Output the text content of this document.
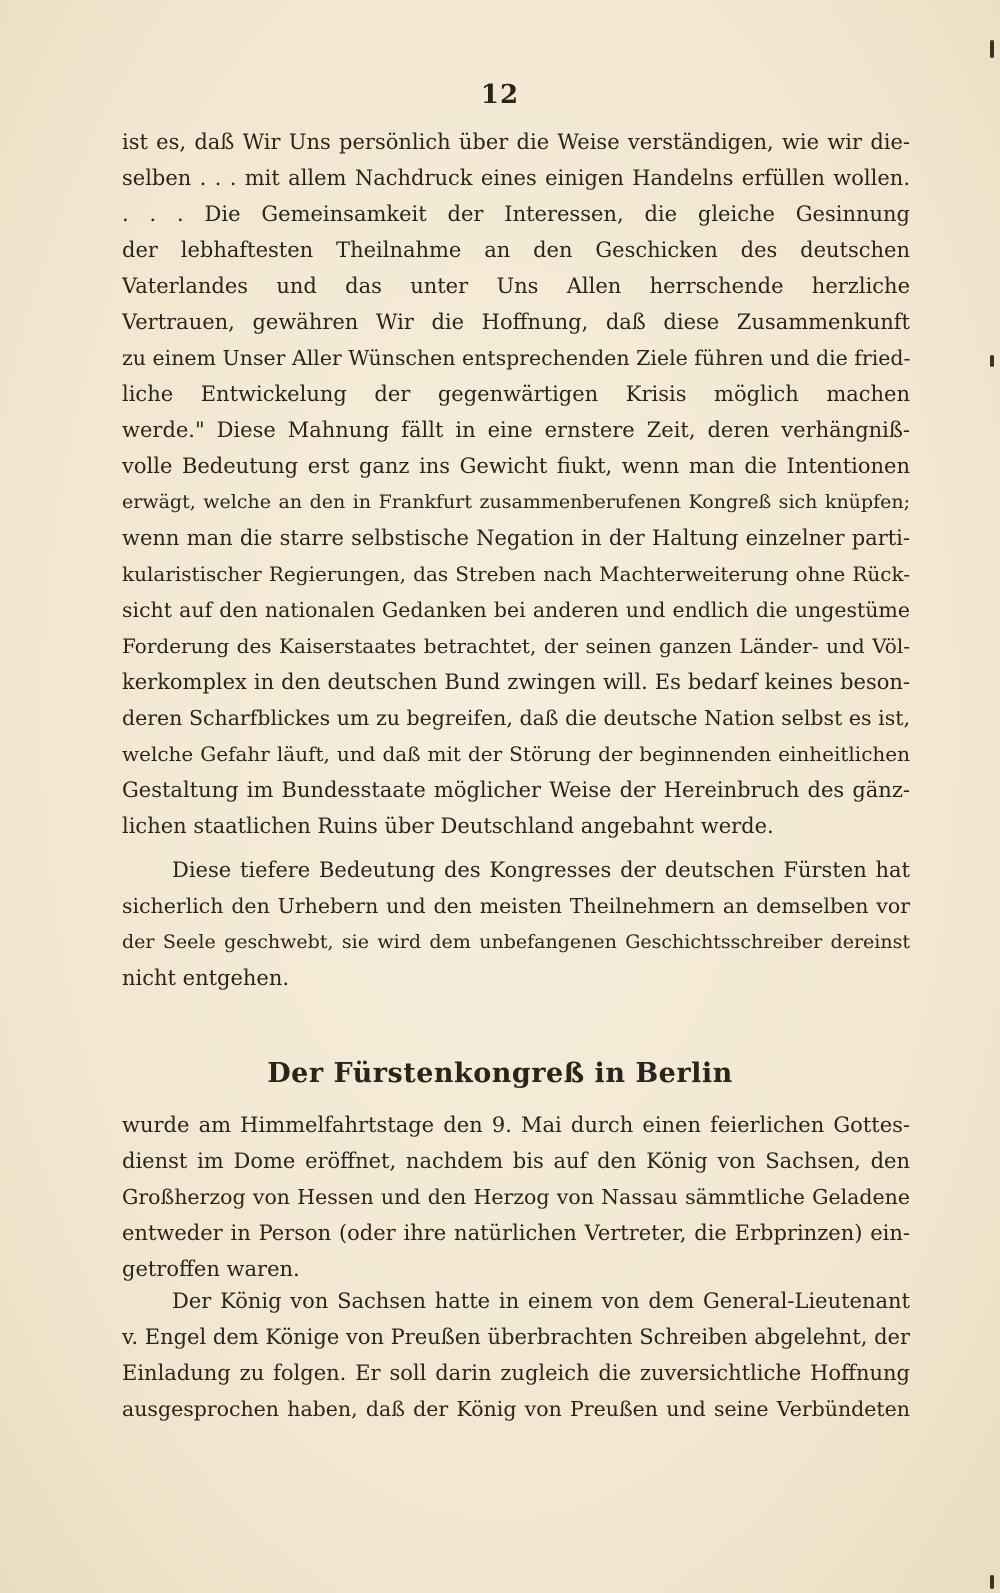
12
ist es, daß Wir Uns persönlich über die Weise verständigen, wie wir die-
selben . . . mit allem Nachdruck eines einigen Handelns erfüllen wollen.
. . . Die Gemeinsamkeit der Interessen, die gleiche Gesinnung
der lebhaftesten Theilnahme an den Geschicken des deutschen
Vaterlandes und das unter Uns Allen herrschende herzliche
Vertrauen, gewähren Wir die Hoffnung, daß diese Zusammenkunft
zu einem Unser Aller Wünschen entsprechenden Ziele führen und die fried-
liche Entwickelung der gegenwärtigen Krisis möglich machen
werde." Diese Mahnung fällt in eine ernstere Zeit, deren verhängniß-
volle Bedeutung erst ganz ins Gewicht fiukt, wenn man die Intentionen
erwägt, welche an den in Frankfurt zusammenberufenen Kongreß sich knüpfen;
wenn man die starre selbstische Negation in der Haltung einzelner parti-
kularistischer Regierungen, das Streben nach Machterweiterung ohne Rück-
sicht auf den nationalen Gedanken bei anderen und endlich die ungestüme
Forderung des Kaiserstaates betrachtet, der seinen ganzen Länder- und Völ-
kerkomplex in den deutschen Bund zwingen will. Es bedarf keines beson-
deren Scharfblickes um zu begreifen, daß die deutsche Nation selbst es ist,
welche Gefahr läuft, und daß mit der Störung der beginnenden einheitlichen
Gestaltung im Bundesstaate möglicher Weise der Hereinbruch des gänz-
lichen staatlichen Ruins über Deutschland angebahnt werde.
Diese tiefere Bedeutung des Kongresses der deutschen Fürsten hat
sicherlich den Urhebern und den meisten Theilnehmern an demselben vor
der Seele geschwebt, sie wird dem unbefangenen Geschichtsschreiber dereinst
nicht entgehen.
Der Fürstenkongreß in Berlin
wurde am Himmelfahrtstage den 9. Mai durch einen feierlichen Gottes-
dienst im Dome eröffnet, nachdem bis auf den König von Sachsen, den
Großherzog von Hessen und den Herzog von Nassau sämmtliche Geladene
entweder in Person (oder ihre natürlichen Vertreter, die Erbprinzen) ein-
getroffen waren.
Der König von Sachsen hatte in einem von dem General-Lieutenant
v. Engel dem Könige von Preußen überbrachten Schreiben abgelehnt, der
Einladung zu folgen. Er soll darin zugleich die zuversichtliche Hoffnung
ausgesprochen haben, daß der König von Preußen und seine Verbündeten
